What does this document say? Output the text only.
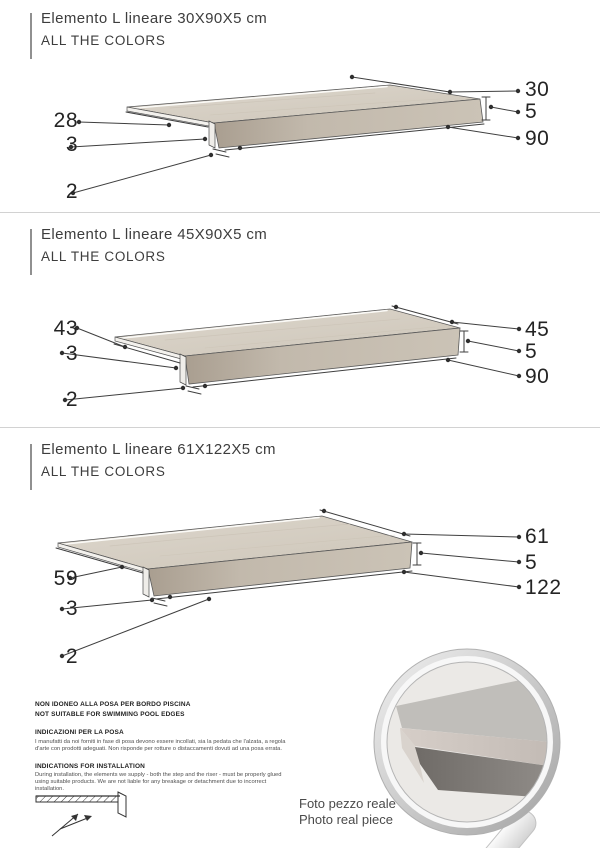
Elemento L lineare 30X90X5 cm
ALL THE COLORS
Elemento L lineare 45X90X5 cm
ALL THE COLORS
Elemento L lineare 61X122X5 cm
ALL THE COLORS
30
5
90
28
3
2
45
5
90
43
3
2
61
5
122
59
3
2
NON IDONEO ALLA POSA PER BORDO PISCINA
NOT SUITABLE FOR SWIMMING POOL EDGES
INDICAZIONI PER LA POSA
I manufatti da noi forniti in fase di posa devono essere incollati, sia la pedata che l'alzata, a regola d'arte con prodotti adeguati. Non risponde per rotture o distaccamenti dovuti ad una posa errata.
INDICATIONS FOR INSTALLATION
During installation, the elements we supply - both the step and the riser - must be properly glued using suitable products. We are not liable for any breakage or detachment due to incorrect installation.
Foto pezzo reale
Photo real piece
